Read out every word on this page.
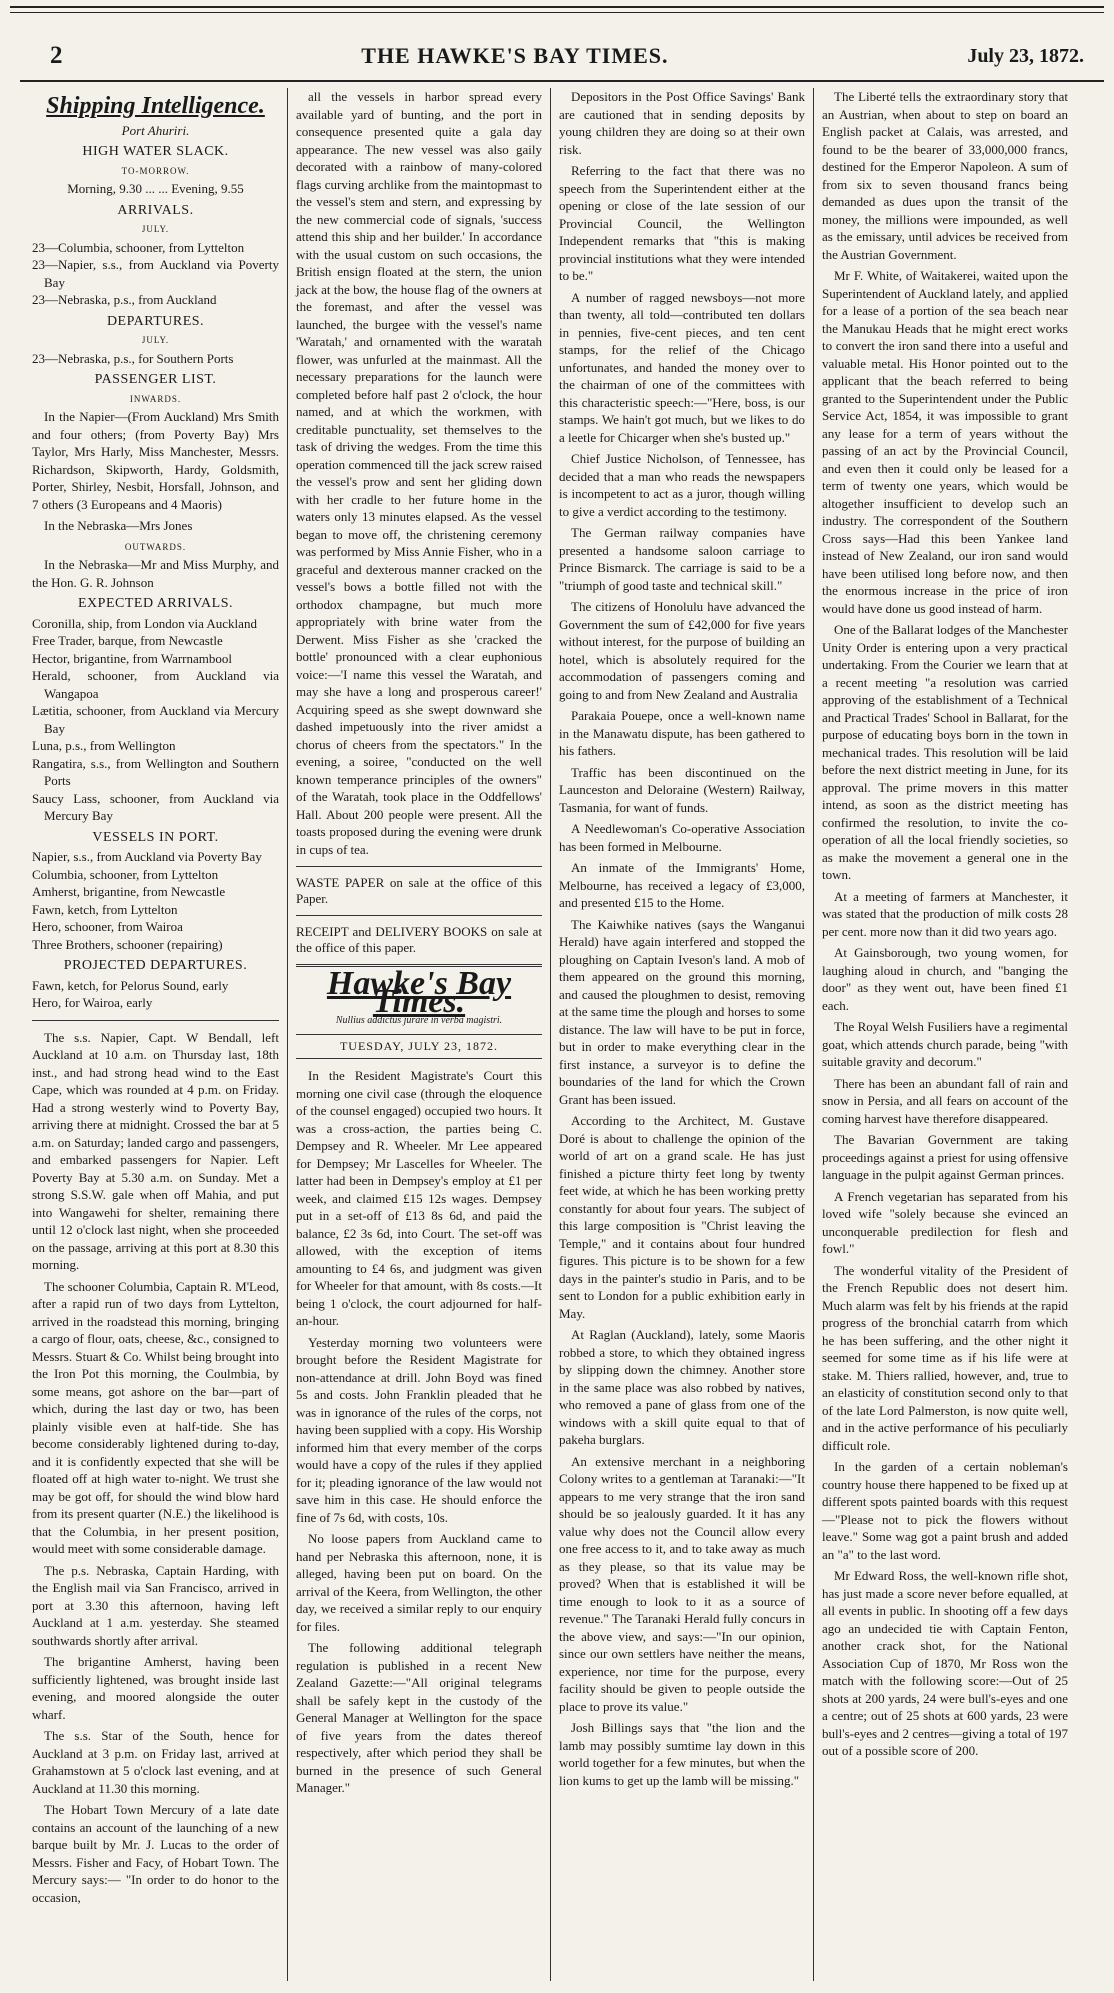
2	THE HAWKE'S BAY TIMES.	July 23, 1872.
Shipping Intelligence.
Port Ahuriri.
HIGH WATER SLACK.
TO-MORROW.
Morning, 9.30 ... ... Evening, 9.55
ARRIVALS.
JULY.
23—Columbia, schooner, from Lyttelton
23—Napier, s.s., from Auckland via Poverty Bay
23—Nebraska, p.s., from Auckland
DEPARTURES.
JULY.
23—Nebraska, p.s., for Southern Ports
PASSENGER LIST.
INWARDS.

In the Napier—(From Auckland) Mrs Smith and four others; (from Poverty Bay) Mrs Taylor, Mrs Harly, Miss Manchester, Messrs. Richardson, Skipworth, Hardy, Goldsmith, Porter, Shirley, Nesbit, Horsfall, Johnson, and 7 others (3 Europeans and 4 Maoris)

In the Nebraska—Mrs Jones

OUTWARDS.

In the Nebraska—Mr and Miss Murphy, and the Hon. G. R. Johnson

EXPECTED ARRIVALS.
Coronilla, ship, from London via Auckland
Free Trader, barque, from Newcastle
Hector, brigantine, from Warrnambool
Herald, schooner, from Auckland via Wangapoa
Lætitia, schooner, from Auckland via Mercury Bay
Luna, p.s., from Wellington
Rangatira, s.s., from Wellington and Southern Ports
Saucy Lass, schooner, from Auckland via Mercury Bay
VESSELS IN PORT.
Napier, s.s., from Auckland via Poverty Bay
Columbia, schooner, from Lyttelton
Amherst, brigantine, from Newcastle
Fawn, ketch, from Lyttelton
Hero, schooner, from Wairoa
Three Brothers, schooner (repairing)
PROJECTED DEPARTURES.
Fawn, ketch, for Pelorus Sound, early
Hero, for Wairoa, early

The s.s. Napier, Capt. W Bendall, left Auckland at 10 a.m. on Thursday last, 18th inst., and had strong head wind to the East Cape, which was rounded at 4 p.m. on Friday. Had a strong westerly wind to Poverty Bay, arriving there at midnight. Crossed the bar at 5 a.m. on Saturday; landed cargo and passengers, and embarked passengers for Napier. Left Poverty Bay at 5.30 a.m. on Sunday. Met a strong S.S.W. gale when off Mahia, and put into Wangawehi for shelter, remaining there until 12 o'clock last night, when she proceeded on the passage, arriving at this port at 8.30 this morning.

The schooner Columbia, Captain R. M'Leod, after a rapid run of two days from Lyttelton, arrived in the roadstead this morning, bringing a cargo of flour, oats, cheese, &c., consigned to Messrs. Stuart & Co. Whilst being brought into the Iron Pot this morning, the Coulmbia, by some means, got ashore on the bar—part of which, during the last day or two, has been plainly visible even at half-tide. She has become considerably lightened during to-day, and it is confidently expected that she will be floated off at high water to-night. We trust she may be got off, for should the wind blow hard from its present quarter (N.E.) the likelihood is that the Columbia, in her present position, would meet with some considerable damage.

The p.s. Nebraska, Captain Harding, with the English mail via San Francisco, arrived in port at 3.30 this afternoon, having left Auckland at 1 a.m. yesterday. She steamed southwards shortly after arrival.

The brigantine Amherst, having been sufficiently lightened, was brought inside last evening, and moored alongside the outer wharf.

The s.s. Star of the South, hence for Auckland at 3 p.m. on Friday last, arrived at Grahamstown at 5 o'clock last evening, and at Auckland at 11.30 this morning.

The Hobart Town Mercury of a late date contains an account of the launching of a new barque built by Mr. J. Lucas to the order of Messrs. Fisher and Facy, of Hobart Town. The Mercury says:— "In order to do honor to the occasion,

all the vessels in harbor spread every available yard of bunting, and the port in consequence presented quite a gala day appearance. The new vessel was also gaily decorated with a rainbow of many-colored flags curving archlike from the maintopmast to the vessel's stem and stern, and expressing by the new commercial code of signals, 'success attend this ship and her builder.' In accordance with the usual custom on such occasions, the British ensign floated at the stern, the union jack at the bow, the house flag of the owners at the foremast, and after the vessel was launched, the burgee with the vessel's name 'Waratah,' and ornamented with the waratah flower, was unfurled at the mainmast. All the necessary preparations for the launch were completed before half past 2 o'clock, the hour named, and at which the workmen, with creditable punctuality, set themselves to the task of driving the wedges. From the time this operation commenced till the jack screw raised the vessel's prow and sent her gliding down with her cradle to her future home in the waters only 13 minutes elapsed. As the vessel began to move off, the christening ceremony was performed by Miss Annie Fisher, who in a graceful and dexterous manner cracked on the vessel's bows a bottle filled not with the orthodox champagne, but much more appropriately with brine water from the Derwent. Miss Fisher as she 'cracked the bottle' pronounced with a clear euphonious voice:—'I name this vessel the Waratah, and may she have a long and prosperous career!' Acquiring speed as she swept downward she dashed impetuously into the river amidst a chorus of cheers from the spectators." In the evening, a soiree, "conducted on the well known temperance principles of the owners" of the Waratah, took place in the Oddfellows' Hall. About 200 people were present. All the toasts proposed during the evening were drunk in cups of tea.

WASTE PAPER on sale at the office of this Paper.
RECEIPT and DELIVERY BOOKS on sale at the office of this paper.
Hawke's Bay Times.
Nullius addictus jurare in verba magistri.
TUESDAY, JULY 23, 1872.

In the Resident Magistrate's Court this morning one civil case (through the eloquence of the counsel engaged) occupied two hours. It was a cross-action, the parties being C. Dempsey and R. Wheeler. Mr Lee appeared for Dempsey; Mr Lascelles for Wheeler. The latter had been in Dempsey's employ at £1 per week, and claimed £15 12s wages. Dempsey put in a set-off of £13 8s 6d, and paid the balance, £2 3s 6d, into Court. The set-off was allowed, with the exception of items amounting to £4 6s, and judgment was given for Wheeler for that amount, with 8s costs.—It being 1 o'clock, the court adjourned for half-an-hour.

Yesterday morning two volunteers were brought before the Resident Magistrate for non-attendance at drill. John Boyd was fined 5s and costs. John Franklin pleaded that he was in ignorance of the rules of the corps, not having been supplied with a copy. His Worship informed him that every member of the corps would have a copy of the rules if they applied for it; pleading ignorance of the law would not save him in this case. He should enforce the fine of 7s 6d, with costs, 10s.

No loose papers from Auckland came to hand per Nebraska this afternoon, none, it is alleged, having been put on board. On the arrival of the Keera, from Wellington, the other day, we received a similar reply to our enquiry for files.

The following additional telegraph regulation is published in a recent New Zealand Gazette:—"All original telegrams shall be safely kept in the custody of the General Manager at Wellington for the space of five years from the dates thereof respectively, after which period they shall be burned in the presence of such General Manager."

Depositors in the Post Office Savings' Bank are cautioned that in sending deposits by young children they are doing so at their own risk.

Referring to the fact that there was no speech from the Superintendent either at the opening or close of the late session of our Provincial Council, the Wellington Independent remarks that "this is making provincial institutions what they were intended to be."

A number of ragged newsboys—not more than twenty, all told—contributed ten dollars in pennies, five-cent pieces, and ten cent stamps, for the relief of the Chicago unfortunates, and handed the money over to the chairman of one of the committees with this characteristic speech:—"Here, boss, is our stamps. We hain't got much, but we likes to do a leetle for Chicarger when she's busted up."

Chief Justice Nicholson, of Tennessee, has decided that a man who reads the newspapers is incompetent to act as a juror, though willing to give a verdict according to the testimony.

The German railway companies have presented a handsome saloon carriage to Prince Bismarck. The carriage is said to be a "triumph of good taste and technical skill."

The citizens of Honolulu have advanced the Government the sum of £42,000 for five years without interest, for the purpose of building an hotel, which is absolutely required for the accommodation of passengers coming and going to and from New Zealand and Australia

Parakaia Pouepe, once a well-known name in the Manawatu dispute, has been gathered to his fathers.

Traffic has been discontinued on the Launceston and Deloraine (Western) Railway, Tasmania, for want of funds.

A Needlewoman's Co-operative Association has been formed in Melbourne.

An inmate of the Immigrants' Home, Melbourne, has received a legacy of £3,000, and presented £15 to the Home.

The Kaiwhike natives (says the Wanganui Herald) have again interfered and stopped the ploughing on Captain Iveson's land. A mob of them appeared on the ground this morning, and caused the ploughmen to desist, removing at the same time the plough and horses to some distance. The law will have to be put in force, but in order to make everything clear in the first instance, a surveyor is to define the boundaries of the land for which the Crown Grant has been issued.

According to the Architect, M. Gustave Doré is about to challenge the opinion of the world of art on a grand scale. He has just finished a picture thirty feet long by twenty feet wide, at which he has been working pretty constantly for about four years. The subject of this large composition is "Christ leaving the Temple," and it contains about four hundred figures. This picture is to be shown for a few days in the painter's studio in Paris, and to be sent to London for a public exhibition early in May.

At Raglan (Auckland), lately, some Maoris robbed a store, to which they obtained ingress by slipping down the chimney. Another store in the same place was also robbed by natives, who removed a pane of glass from one of the windows with a skill quite equal to that of pakeha burglars.

An extensive merchant in a neighboring Colony writes to a gentleman at Taranaki:—"It appears to me very strange that the iron sand should be so jealously guarded. It it has any value why does not the Council allow every one free access to it, and to take away as much as they please, so that its value may be proved? When that is established it will be time enough to look to it as a source of revenue." The Taranaki Herald fully concurs in the above view, and says:—"In our opinion, since our own settlers have neither the means, experience, nor time for the purpose, every facility should be given to people outside the place to prove its value."

Josh Billings says that "the lion and the lamb may possibly sumtime lay down in this world together for a few minutes, but when the lion kums to get up the lamb will be missing."

The Liberté tells the extraordinary story that an Austrian, when about to step on board an English packet at Calais, was arrested, and found to be the bearer of 33,000,000 francs, destined for the Emperor Napoleon. A sum of from six to seven thousand francs being demanded as dues upon the transit of the money, the millions were impounded, as well as the emissary, until advices be received from the Austrian Government.

Mr F. White, of Waitakerei, waited upon the Superintendent of Auckland lately, and applied for a lease of a portion of the sea beach near the Manukau Heads that he might erect works to convert the iron sand there into a useful and valuable metal. His Honor pointed out to the applicant that the beach referred to being granted to the Superintendent under the Public Service Act, 1854, it was impossible to grant any lease for a term of years without the passing of an act by the Provincial Council, and even then it could only be leased for a term of twenty one years, which would be altogether insufficient to develop such an industry. The correspondent of the Southern Cross says—Had this been Yankee land instead of New Zealand, our iron sand would have been utilised long before now, and then the enormous increase in the price of iron would have done us good instead of harm.

One of the Ballarat lodges of the Manchester Unity Order is entering upon a very practical undertaking. From the Courier we learn that at a recent meeting "a resolution was carried approving of the establishment of a Technical and Practical Trades' School in Ballarat, for the purpose of educating boys born in the town in mechanical trades. This resolution will be laid before the next district meeting in June, for its approval. The prime movers in this matter intend, as soon as the district meeting has confirmed the resolution, to invite the co-operation of all the local friendly societies, so as make the movement a general one in the town.

At a meeting of farmers at Manchester, it was stated that the production of milk costs 28 per cent. more now than it did two years ago.

At Gainsborough, two young women, for laughing aloud in church, and "banging the door" as they went out, have been fined £1 each.

The Royal Welsh Fusiliers have a regimental goat, which attends church parade, being "with suitable gravity and decorum."

There has been an abundant fall of rain and snow in Persia, and all fears on account of the coming harvest have therefore disappeared.

The Bavarian Government are taking proceedings against a priest for using offensive language in the pulpit against German princes.

A French vegetarian has separated from his loved wife "solely because she evinced an unconquerable predilection for flesh and fowl."

The wonderful vitality of the President of the French Republic does not desert him. Much alarm was felt by his friends at the rapid progress of the bronchial catarrh from which he has been suffering, and the other night it seemed for some time as if his life were at stake. M. Thiers rallied, however, and, true to an elasticity of constitution second only to that of the late Lord Palmerston, is now quite well, and in the active performance of his peculiarly difficult role.

In the garden of a certain nobleman's country house there happened to be fixed up at different spots painted boards with this request—"Please not to pick the flowers without leave." Some wag got a paint brush and added an "a" to the last word.

Mr Edward Ross, the well-known rifle shot, has just made a score never before equalled, at all events in public. In shooting off a few days ago an undecided tie with Captain Fenton, another crack shot, for the National Association Cup of 1870, Mr Ross won the match with the following score:—Out of 25 shots at 200 yards, 24 were bull's-eyes and one a centre; out of 25 shots at 600 yards, 23 were bull's-eyes and 2 centres—giving a total of 197 out of a possible score of 200.
